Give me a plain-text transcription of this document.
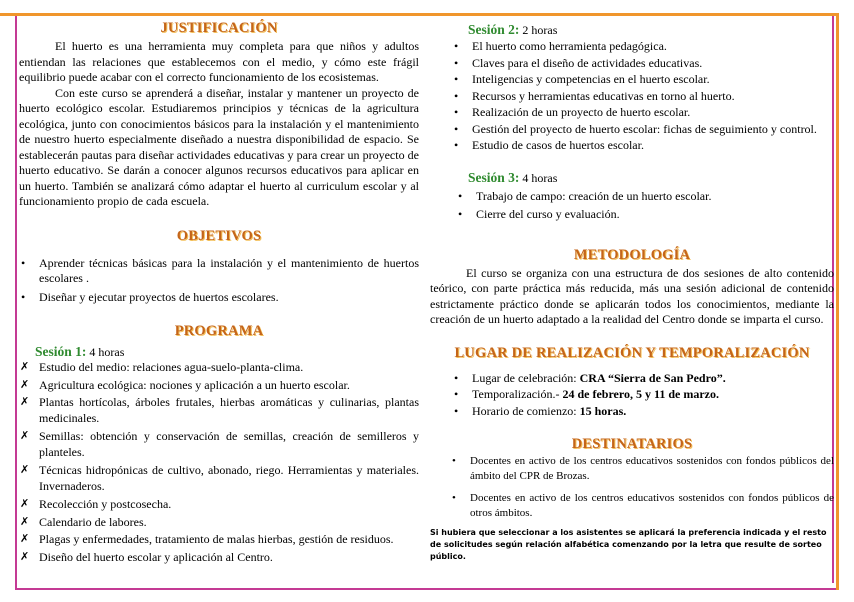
JUSTIFICACIÓN

El huerto es una herramienta muy completa para que niños y adultos entiendan las relaciones que establecemos con el medio, y cómo este frágil equilibrio puede acabar con el correcto funcionamiento de los ecosistemas.

Con este curso se aprenderá a diseñar, instalar y mantener un proyecto de huerto ecológico escolar. Estudiaremos principios y técnicas de la agricultura ecológica, junto con conocimientos básicos para la instalación y el mantenimiento de nuestro huerto especialmente diseñado a nuestra disponibilidad de espacio. Se establecerán pautas para diseñar actividades educativas y para crear un proyecto de huerto educativo. Se darán a conocer algunos recursos educativos para aplicar en un huerto. También se analizará cómo adaptar el huerto al curriculum escolar y al funcionamiento propio de cada escuela.

OBJETIVOS
• Aprender técnicas básicas para la instalación y el mantenimiento de huertos escolares .
• Diseñar y ejecutar proyectos de huertos escolares.
PROGRAMA

Sesión 1: 4 horas

✗ Estudio del medio: relaciones agua-suelo-planta-clima.
✗ Agricultura ecológica: nociones y aplicación a un huerto escolar.
✗ Plantas hortícolas, árboles frutales, hierbas aromáticas y culinarias, plantas medicinales.
✗ Semillas: obtención y conservación de semillas, creación de semilleros y planteles.
✗ Técnicas hidropónicas de cultivo, abonado, riego. Herramientas y materiales. Invernaderos.
✗ Recolección y postcosecha.
✗ Calendario de labores.
✗ Plagas y enfermedades, tratamiento de malas hierbas, gestión de residuos.
✗ Diseño del huerto escolar y aplicación al Centro.

Sesión 2: 2 horas

• El huerto como herramienta pedagógica.
• Claves para el diseño de actividades educativas.
• Inteligencias y competencias en el huerto escolar.
• Recursos y herramientas educativas en torno al huerto.
• Realización de un proyecto de huerto escolar.
• Gestión del proyecto de huerto escolar: fichas de seguimiento y control.
• Estudio de casos de huertos escolar.

Sesión 3: 4 horas

• Trabajo de campo: creación de un huerto escolar.
• Cierre del curso y evaluación.
METODOLOGÍA

El curso se organiza con una estructura de dos sesiones de alto contenido teórico, con parte práctica más reducida, más una sesión adicional de contenido estrictamente práctico donde se aplicarán todos los conocimientos, mediante la creación de un huerto adaptado a la realidad del Centro donde se imparta el curso.

LUGAR DE REALIZACIÓN Y TEMPORALIZACIÓN
• Lugar de celebración: CRA “Sierra de San Pedro”.
• Temporalización.- 24 de febrero, 5 y 11 de marzo.
• Horario de comienzo: 15 horas.
DESTINATARIOS
• Docentes en activo de los centros educativos sostenidos con fondos públicos del ámbito del CPR de Brozas.
• Docentes en activo de los centros educativos sostenidos con fondos públicos de otros ámbitos.

Si hubiera que seleccionar a los asistentes se aplicará la preferencia indicada y el resto de solicitudes según relación alfabética comenzando por la letra que resulte de sorteo público.
